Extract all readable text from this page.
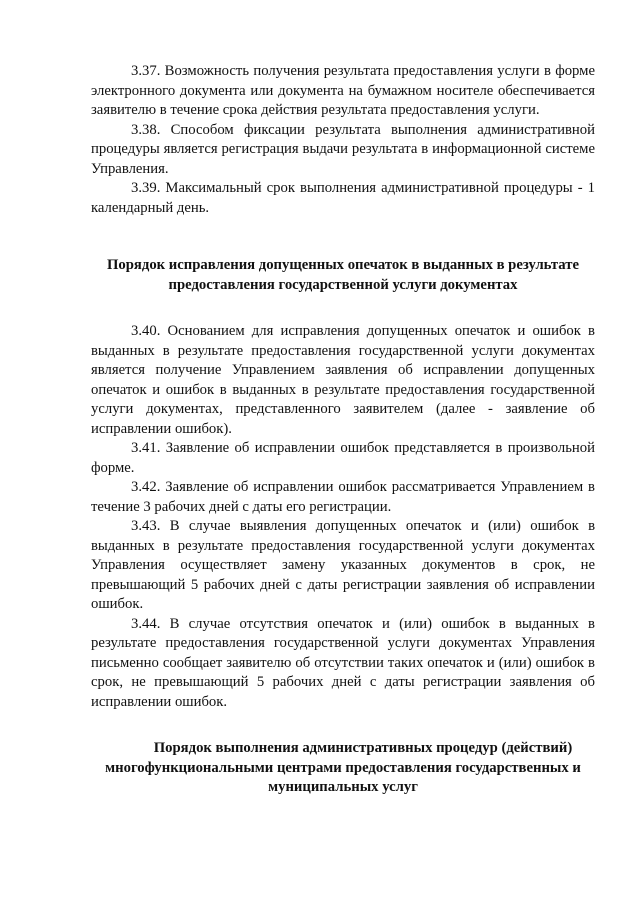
3.37. Возможность получения результата предоставления услуги в форме электронного документа или документа на бумажном носителе обеспечивается заявителю в течение срока действия результата предоставления услуги.

3.38. Способом фиксации результата выполнения административной процедуры является регистрация выдачи результата в информационной системе Управления.

3.39. Максимальный срок выполнения административной процедуры - 1 календарный день.

Порядок исправления допущенных опечаток в выданных в результате
предоставления государственной услуги документах

3.40. Основанием для исправления допущенных опечаток и ошибок в выданных в результате предоставления государственной услуги документах является получение Управлением заявления об исправлении допущенных опечаток и ошибок в выданных в результате предоставления государственной услуги документах, представленного заявителем (далее - заявление об исправлении ошибок).

3.41. Заявление об исправлении ошибок представляется в произвольной форме.

3.42. Заявление об исправлении ошибок рассматривается Управлением в течение 3 рабочих дней с даты его регистрации.

3.43. В случае выявления допущенных опечаток и (или) ошибок в выданных в результате предоставления государственной услуги документах Управления осуществляет замену указанных документов в срок, не превышающий 5 рабочих дней с даты регистрации заявления об исправлении ошибок.

3.44. В случае отсутствия опечаток и (или) ошибок в выданных в результате предоставления государственной услуги документах Управления письменно сообщает заявителю об отсутствии таких опечаток и (или) ошибок в срок, не превышающий 5 рабочих дней с даты регистрации заявления об исправлении ошибок.

Порядок выполнения административных процедур (действий)
многофункциональными центрами предоставления государственных и
муниципальных услуг
